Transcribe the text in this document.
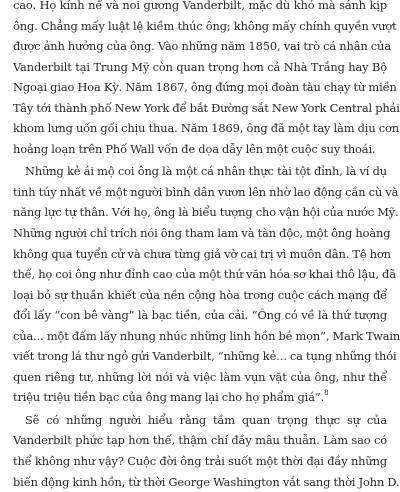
cao. Họ kính nể và noi gương Vanderbilt, mặc dù khó mà sánh kịp
ông. Chẳng mấy luật lệ kiềm thúc ông; không mấy chính quyền vượt
được ảnh hưởng của ông. Vào những năm 1850, vai trò cá nhân của
Vanderbilt tại Trung Mỹ còn quan trọng hơn cả Nhà Trắng hay Bộ
Ngoại giao Hoa Kỳ. Năm 1867, ông đứng mọi đoàn tàu chạy từ miền
Tây tới thành phố New York để bắt Đường sắt New York Central phải
khom lưng uốn gối chịu thua. Năm 1869, ông đã một tay làm dịu cơn
hoảng loạn trên Phố Wall vốn đe dọa dẫy lên một cuộc suy thoái.
Những kẻ ái mộ coi ông là một cá nhân thực tài tột đỉnh, là ví dụ
tinh túy nhất về một người bình dân vươn lên nhờ lao động cần cù và
năng lực tự thân. Với họ, ông là biểu tượng cho vận hội của nước Mỹ.
Những người chỉ trích nói ông tham lam và tàn độc, một ông hoàng
không qua tuyển cử và chưa từng giả vờ cai trị vì muôn dân. Tệ hơn
thế, họ coi ông như đỉnh cao của một thứ văn hóa sơ khai thô lậu, đã
loại bỏ sự thuần khiết của nền cộng hòa trong cuộc cách mạng để
đổi lấy “con bê vàng” là bạc tiền, của cải. “Ông có về là thứ tượng
của... một đấm lấy nhung nhúc những linh hồn bé mọn”, Mark Twain
viết trong lá thư ngỏ gửi Vanderbilt, “những kẻ... ca tụng những thói
quen riêng tư, những lời nói và việc làm vụn vặt của ông, như thể
triệu triệu tiền bạc của ông mang lại cho họ phẩm giá”.$^8$
Sẽ có những người hiểu rằng tầm quan trọng thực sự của
Vanderbilt phức tạp hơn thế, thậm chí đầy mâu thuẫn. Làm sao có
thể không như vậy? Cuộc đời ông trải suốt một thời đại đầy những
biến động kinh hồn, từ thời George Washington vắt sang thời John D.
